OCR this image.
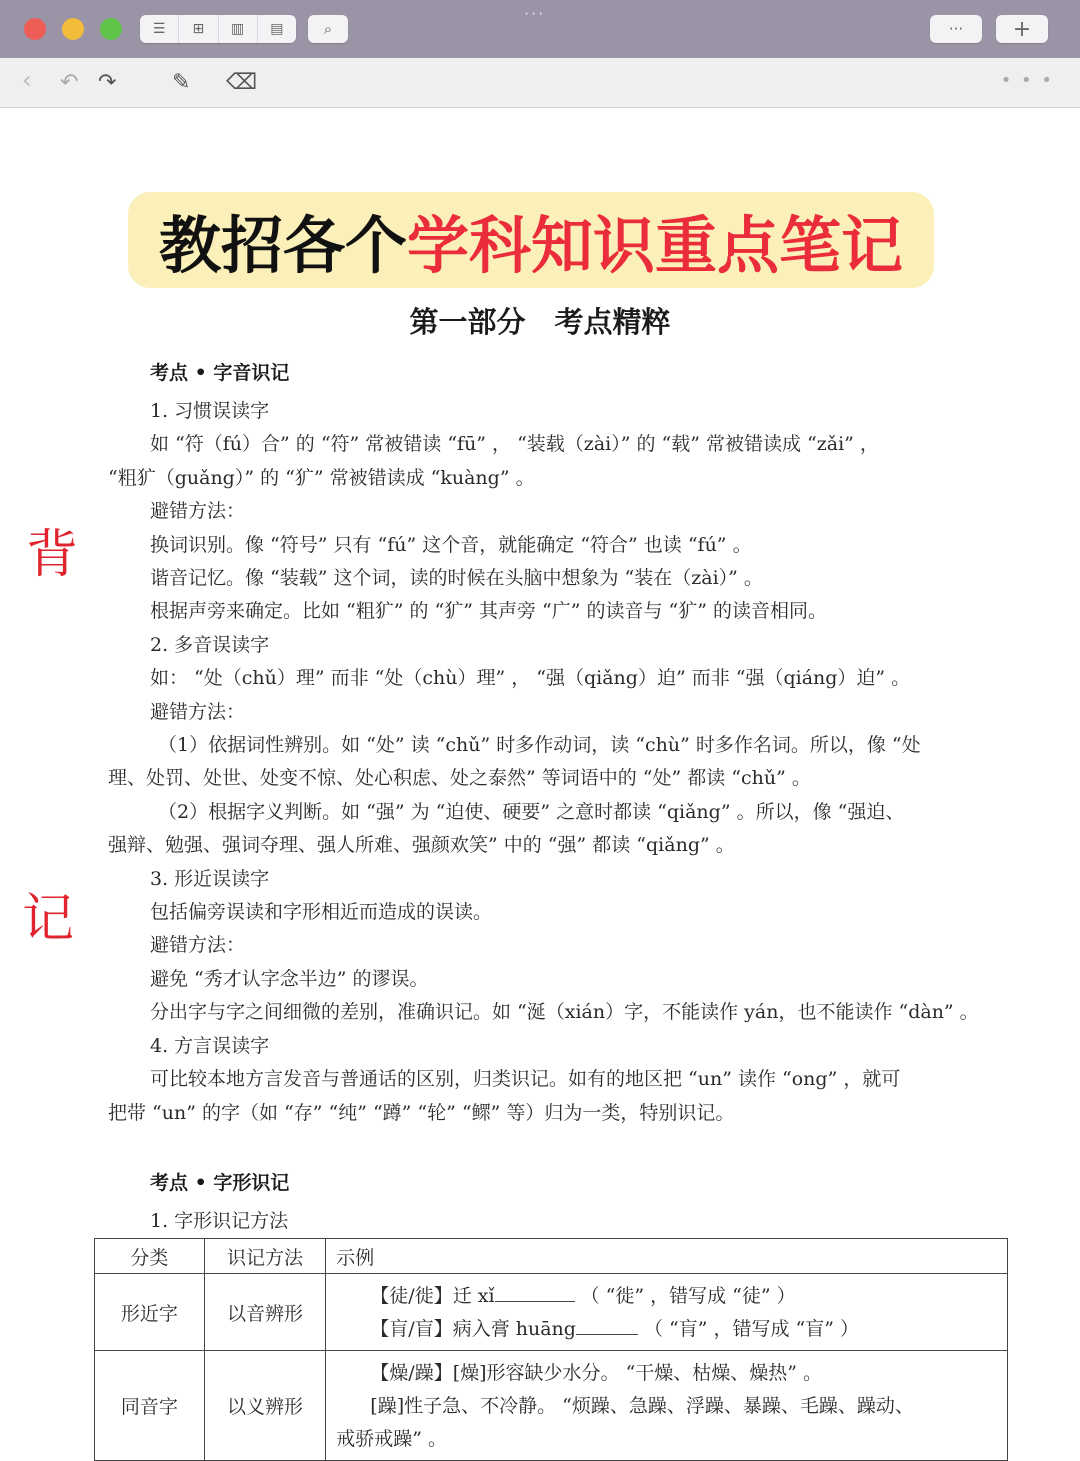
☰	⊞	▥	▤	⌕
···
···	+
‹ ↶ ↷	✎ ⌫	• • •
教招各个 学科知识重点笔记
第一部分　考点精粹
背
记
考点 • 字音识记
1. 习惯误读字
如 “符（fú）合” 的 “符” 常被错读 “fū” ， “装载（zài）” 的 “载” 常被错读成 “zǎi” ，
“粗犷（guǎng）” 的 “犷” 常被错读成 “kuàng” 。
避错方法：
换词识别。像 “符号” 只有 “fú” 这个音，就能确定 “符合” 也读 “fú” 。
谐音记忆。像 “装载” 这个词，读的时候在头脑中想象为 “装在（zài）” 。
根据声旁来确定。比如 “粗犷” 的 “犷” 其声旁 “广” 的读音与 “犷” 的读音相同。
2. 多音误读字
如： “处（chǔ）理” 而非 “处（chù）理” ， “强（qiǎng）迫” 而非 “强（qiáng）迫” 。
避错方法：
（1）依据词性辨别。如 “处” 读 “chǔ” 时多作动词，读 “chù” 时多作名词。所以，像 “处
理、处罚、处世、处变不惊、处心积虑、处之泰然” 等词语中的 “处” 都读 “chǔ” 。
（2）根据字义判断。如 “强” 为 “迫使、硬要” 之意时都读 “qiǎng” 。所以，像 “强迫、
强辩、勉强、强词夺理、强人所难、强颜欢笑” 中的 “强” 都读 “qiǎng” 。
3. 形近误读字
包括偏旁误读和字形相近而造成的误读。
避错方法：
避免 “秀才认字念半边” 的谬误。
分出字与字之间细微的差别，准确识记。如 “涎（xián）字，不能读作 yán，也不能读作 “dàn” 。
4. 方言误读字
可比较本地方言发音与普通话的区别，归类识记。如有的地区把 “un” 读作 “ong” ，就可
把带 “un” 的字（如 “存” “纯” “蹲” “轮” “鳏” 等）归为一类，特别识记。
考点 • 字形识记
1. 字形识记方法
分类	识记方法	示例
形近字	以音辨形	【徒/徙】迁 xǐ （ “徙” ，错写成 “徒” ）
【肓/盲】病入膏 huāng （ “肓” ，错写成 “盲” ）

同音字	以义辨形	【燥/躁】[燥]形容缺少水分。 “干燥、枯燥、燥热” 。
[躁]性子急、不冷静。 “烦躁、急躁、浮躁、暴躁、毛躁、躁动、
戒骄戒躁” 。
